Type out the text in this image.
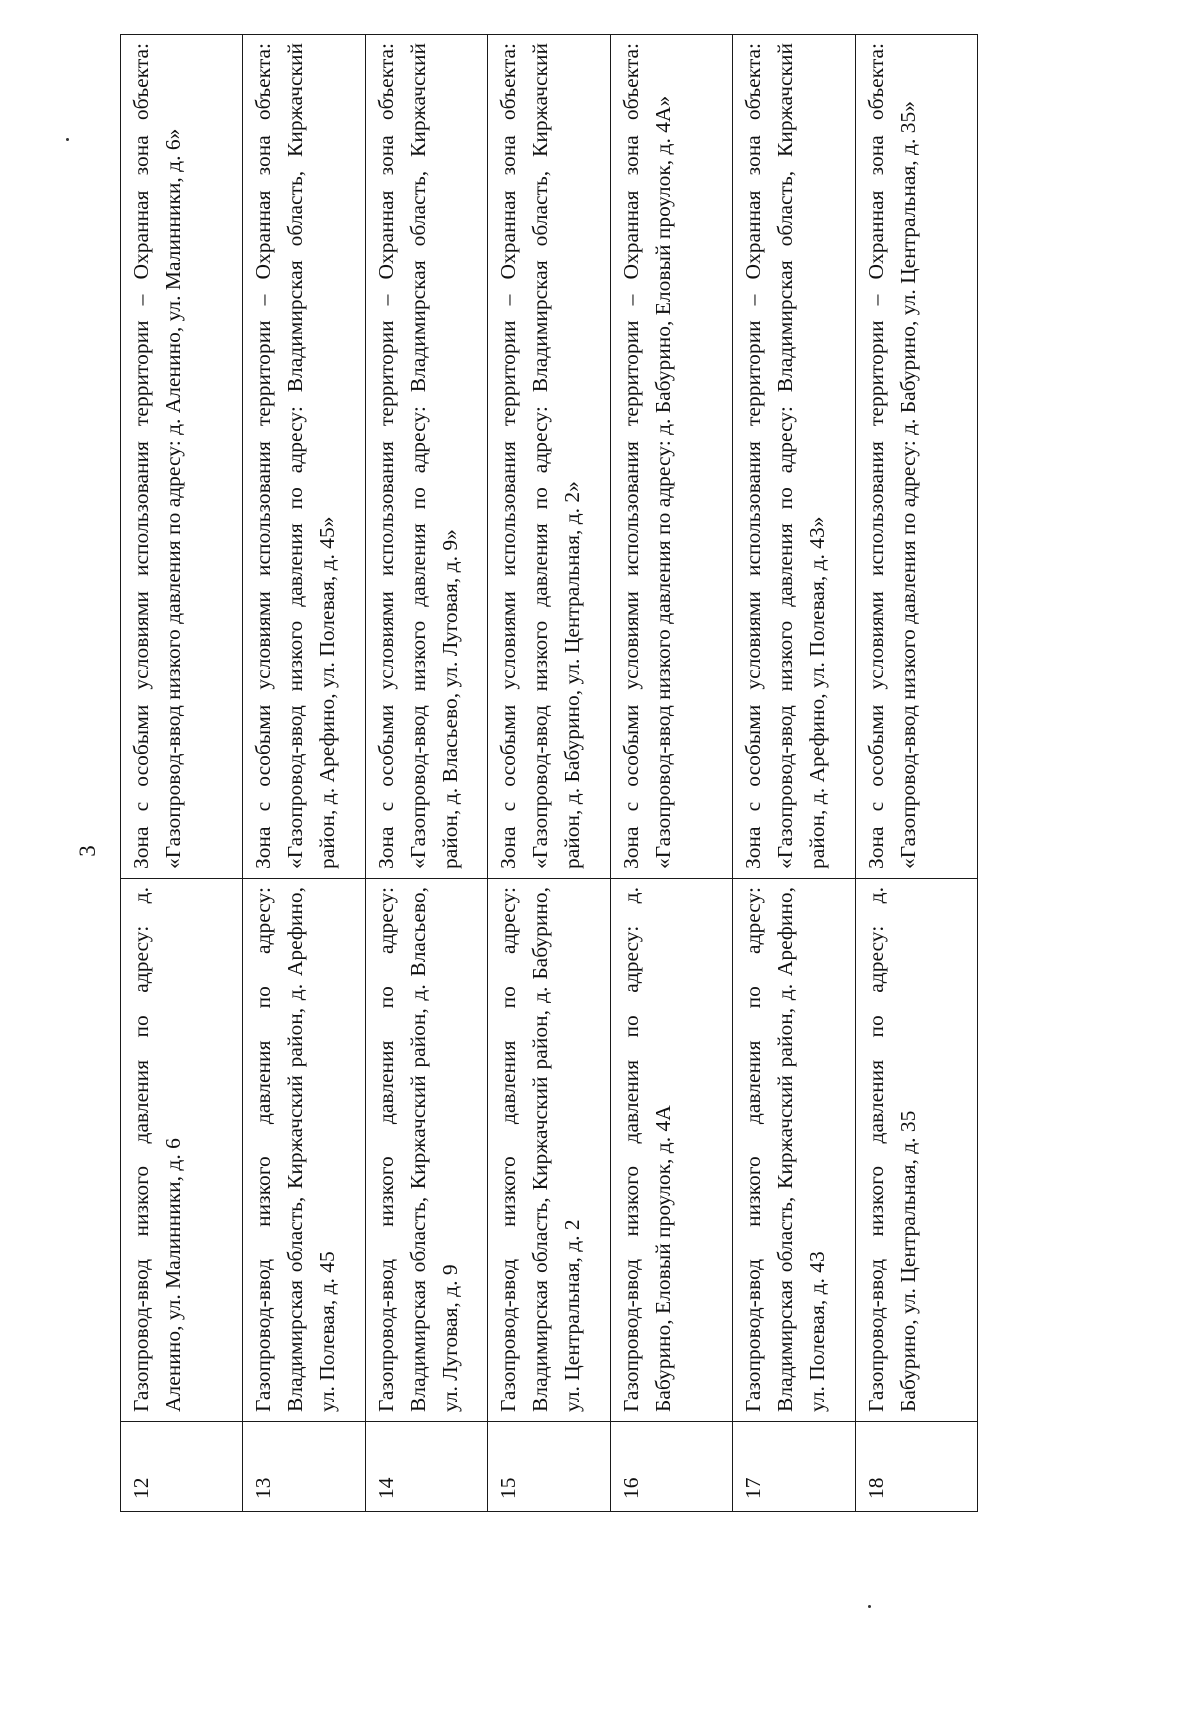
3
12	Газопровод-ввод низкого давления по адресу: д. Аленино, ул. Малинники, д. 6	Зона с особыми условиями использования территории – Охранная зона объекта: «Газопровод-ввод низкого давления по адресу: д. Аленино, ул. Малинники, д. 6»
13	Газопровод-ввод низкого давления по адресу: Владимирская область, Киржачский район, д. Арефино, ул. Полевая, д. 45	Зона с особыми условиями использования территории – Охранная зона объекта: «Газопровод-ввод низкого давления по адресу: Владимирская область, Киржачский район, д. Арефино, ул. Полевая, д. 45»
14	Газопровод-ввод низкого давления по адресу: Владимирская область, Киржачский район, д. Власьево, ул. Луговая, д. 9	Зона с особыми условиями использования территории – Охранная зона объекта: «Газопровод-ввод низкого давления по адресу: Владимирская область, Киржачский район, д. Власьево, ул. Луговая, д. 9»
15	Газопровод-ввод низкого давления по адресу: Владимирская область, Киржачский район, д. Бабурино, ул. Центральная, д. 2	Зона с особыми условиями использования территории – Охранная зона объекта: «Газопровод-ввод низкого давления по адресу: Владимирская область, Киржачский район, д. Бабурино, ул. Центральная, д. 2»
16	Газопровод-ввод низкого давления по адресу: д. Бабурино, Еловый проулок, д. 4А	Зона с особыми условиями использования территории – Охранная зона объекта: «Газопровод-ввод низкого давления по адресу: д. Бабурино, Еловый проулок, д. 4А»
17	Газопровод-ввод низкого давления по адресу: Владимирская область, Киржачский район, д. Арефино, ул. Полевая, д. 43	Зона с особыми условиями использования территории – Охранная зона объекта: «Газопровод-ввод низкого давления по адресу: Владимирская область, Киржачский район, д. Арефино, ул. Полевая, д. 43»
18	Газопровод-ввод низкого давления по адресу: д. Бабурино, ул. Центральная, д. 35	Зона с особыми условиями использования территории – Охранная зона объекта: «Газопровод-ввод низкого давления по адресу: д. Бабурино, ул. Центральная, д. 35»
